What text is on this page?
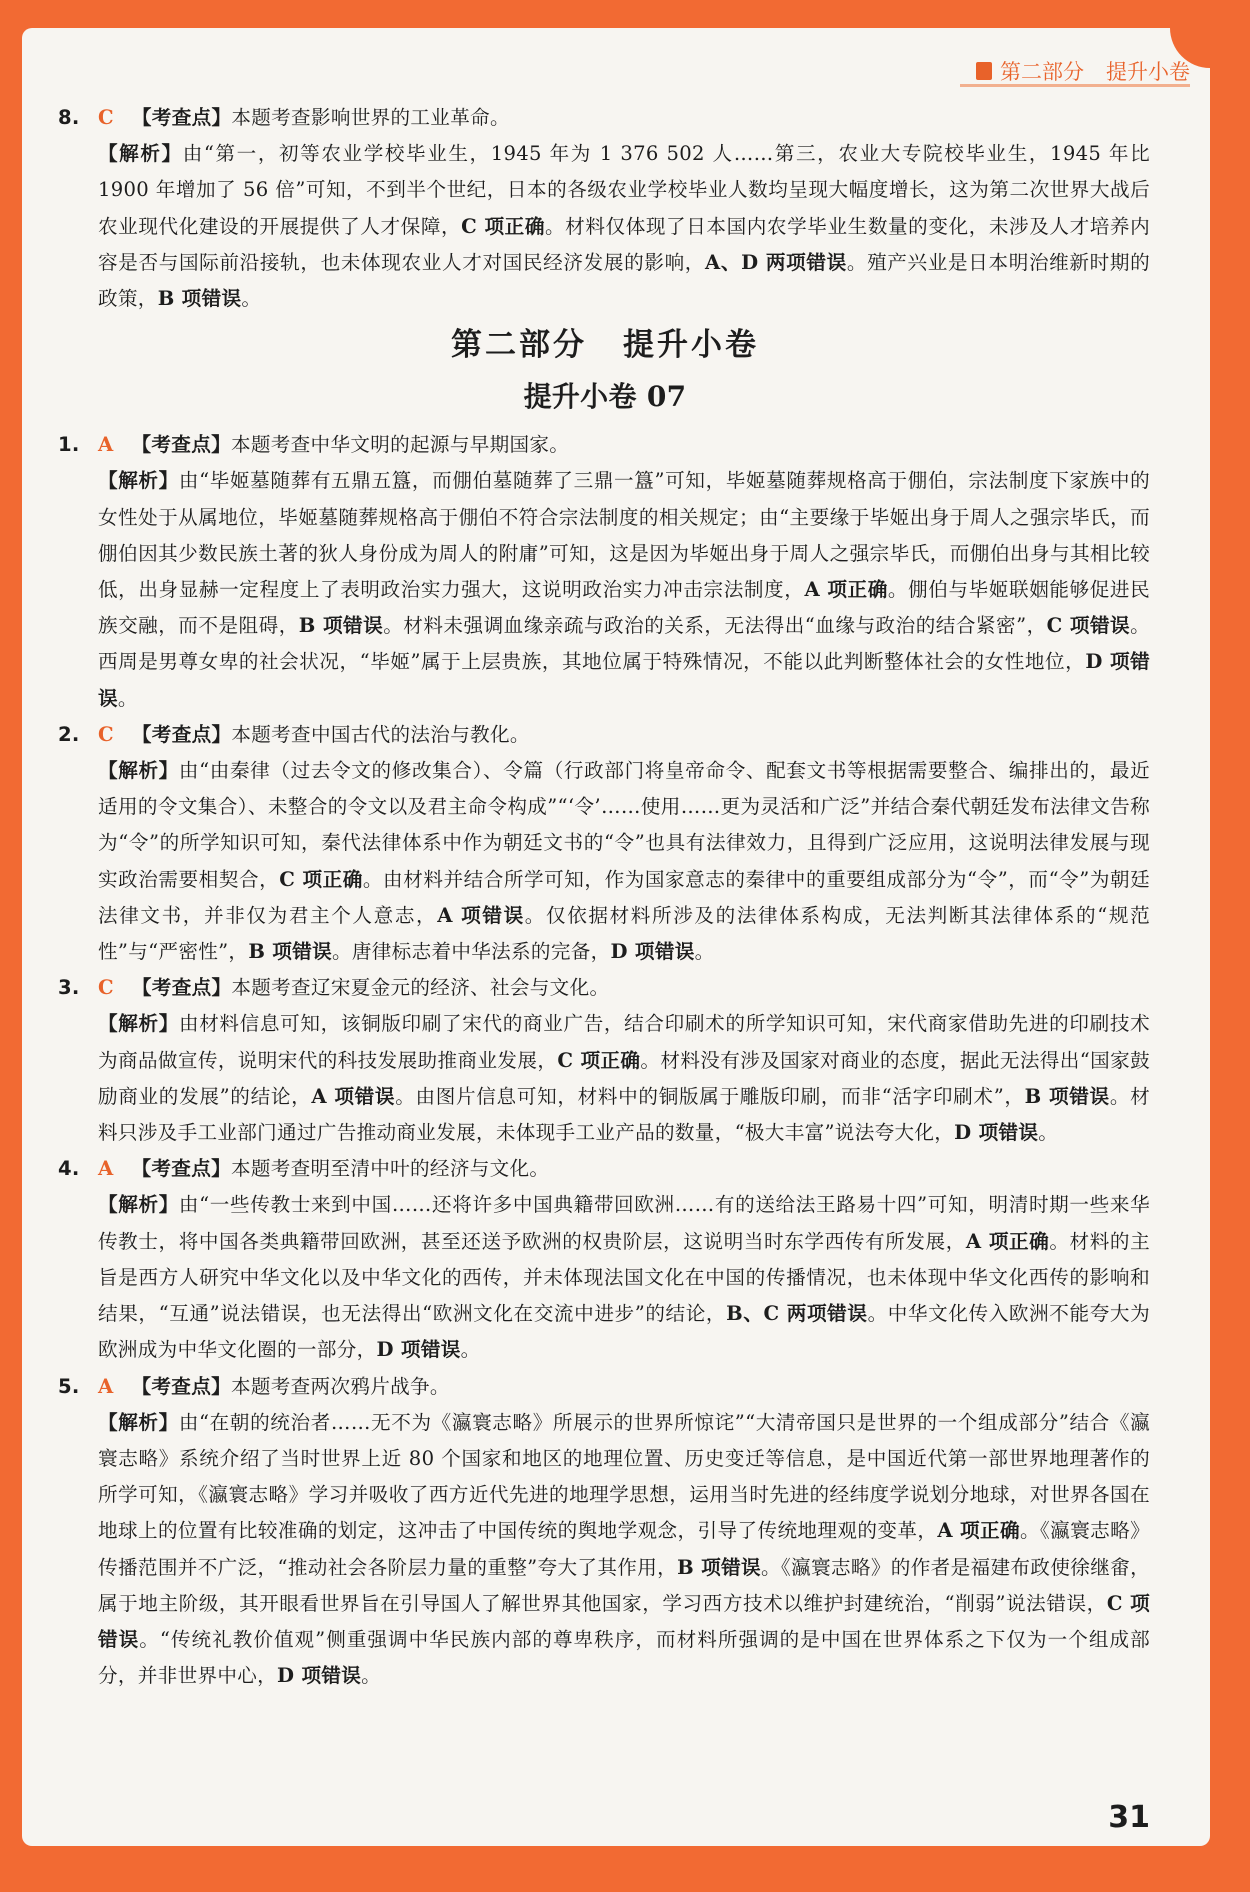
第二部分 提升小卷
8. C 【考查点】本题考查影响世界的工业革命。
【解析】由“第一，初等农业学校毕业生，1945 年为 1 376 502 人……第三，农业大专院校毕业生，1945 年比 1900 年增加了 56 倍”可知，不到半个世纪，日本的各级农业学校毕业人数均呈现大幅度增长，这为第二次世界大战后农业现代化建设的开展提供了人才保障，C 项正确。材料仅体现了日本国内农学毕业生数量的变化，未涉及人才培养内容是否与国际前沿接轨，也未体现农业人才对国民经济发展的影响，A、D 两项错误。殖产兴业是日本明治维新时期的政策，B 项错误。
第二部分 提升小卷
提升小卷 07
1. A 【考查点】本题考查中华文明的起源与早期国家。
【解析】由“毕姬墓随葬有五鼎五簋，而倗伯墓随葬了三鼎一簋”可知，毕姬墓随葬规格高于倗伯，宗法制度下家族中的女性处于从属地位，毕姬墓随葬规格高于倗伯不符合宗法制度的相关规定；由“主要缘于毕姬出身于周人之强宗毕氏，而倗伯因其少数民族土著的狄人身份成为周人的附庸”可知，这是因为毕姬出身于周人之强宗毕氏，而倗伯出身与其相比较低，出身显赫一定程度上了表明政治实力强大，这说明政治实力冲击宗法制度，A 项正确。倗伯与毕姬联姻能够促进民族交融，而不是阻碍，B 项错误。材料未强调血缘亲疏与政治的关系，无法得出“血缘与政治的结合紧密”，C 项错误。西周是男尊女卑的社会状况，“毕姬”属于上层贵族，其地位属于特殊情况，不能以此判断整体社会的女性地位，D 项错误。
2. C 【考查点】本题考查中国古代的法治与教化。
【解析】由“由秦律（过去令文的修改集合）、令篇（行政部门将皇帝命令、配套文书等根据需要整合、编排出的，最近适用的令文集合）、未整合的令文以及君主命令构成”“‘令’……使用……更为灵活和广泛”并结合秦代朝廷发布法律文告称为“令”的所学知识可知，秦代法律体系中作为朝廷文书的“令”也具有法律效力，且得到广泛应用，这说明法律发展与现实政治需要相契合，C 项正确。由材料并结合所学可知，作为国家意志的秦律中的重要组成部分为“令”，而“令”为朝廷法律文书，并非仅为君主个人意志，A 项错误。仅依据材料所涉及的法律体系构成，无法判断其法律体系的“规范性”与“严密性”，B 项错误。唐律标志着中华法系的完备，D 项错误。
3. C 【考查点】本题考查辽宋夏金元的经济、社会与文化。
【解析】由材料信息可知，该铜版印刷了宋代的商业广告，结合印刷术的所学知识可知，宋代商家借助先进的印刷技术为商品做宣传，说明宋代的科技发展助推商业发展，C 项正确。材料没有涉及国家对商业的态度，据此无法得出“国家鼓励商业的发展”的结论，A 项错误。由图片信息可知，材料中的铜版属于雕版印刷，而非“活字印刷术”，B 项错误。材料只涉及手工业部门通过广告推动商业发展，未体现手工业产品的数量，“极大丰富”说法夸大化，D 项错误。
4. A 【考查点】本题考查明至清中叶的经济与文化。
【解析】由“一些传教士来到中国……还将许多中国典籍带回欧洲……有的送给法王路易十四”可知，明清时期一些来华传教士，将中国各类典籍带回欧洲，甚至还送予欧洲的权贵阶层，这说明当时东学西传有所发展，A 项正确。材料的主旨是西方人研究中华文化以及中华文化的西传，并未体现法国文化在中国的传播情况，也未体现中华文化西传的影响和结果，“互通”说法错误，也无法得出“欧洲文化在交流中进步”的结论，B、C 两项错误。中华文化传入欧洲不能夸大为欧洲成为中华文化圈的一部分，D 项错误。
5. A 【考查点】本题考查两次鸦片战争。
【解析】由“在朝的统治者……无不为《瀛寰志略》所展示的世界所惊诧”“大清帝国只是世界的一个组成部分”结合《瀛寰志略》系统介绍了当时世界上近 80 个国家和地区的地理位置、历史变迁等信息，是中国近代第一部世界地理著作的所学可知，《瀛寰志略》学习并吸收了西方近代先进的地理学思想，运用当时先进的经纬度学说划分地球，对世界各国在地球上的位置有比较准确的划定，这冲击了中国传统的舆地学观念，引导了传统地理观的变革，A 项正确。《瀛寰志略》传播范围并不广泛，“推动社会各阶层力量的重整”夸大了其作用，B 项错误。《瀛寰志略》的作者是福建布政使徐继畬，属于地主阶级，其开眼看世界旨在引导国人了解世界其他国家，学习西方技术以维护封建统治，“削弱”说法错误，C 项错误。“传统礼教价值观”侧重强调中华民族内部的尊卑秩序，而材料所强调的是中国在世界体系之下仅为一个组成部分，并非世界中心，D 项错误。
31
